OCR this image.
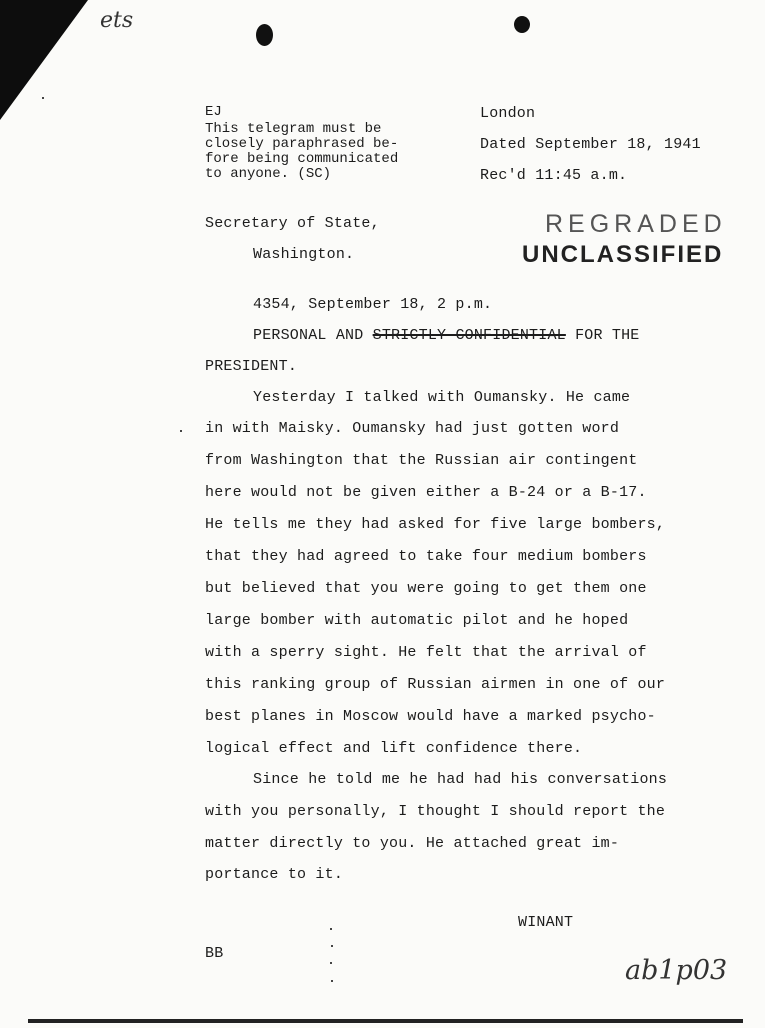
ets
EJ
This telegram must be
closely paraphrased be-
fore being communicated
to anyone. (SC)
London
Dated September 18, 1941
Rec'd 11:45 a.m.
REGRADED
UNCLASSIFIED
Secretary of State,
Washington.
4354, September 18, 2 p.m.
PERSONAL AND STRICTLY CONFIDENTIAL FOR THE
PRESIDENT.
Yesterday I talked with Oumansky. He came
in with Maisky. Oumansky had just gotten word
from Washington that the Russian air contingent
here would not be given either a B-24 or a B-17.
He tells me they had asked for five large bombers,
that they had agreed to take four medium bombers
but believed that you were going to get them one
large bomber with automatic pilot and he hoped
with a sperry sight. He felt that the arrival of
this ranking group of Russian airmen in one of our
best planes in Moscow would have a marked psycho-
logical effect and lift confidence there.
Since he told me he had had his conversations
with you personally, I thought I should report the
matter directly to you. He attached great im-
portance to it.
WINANT
BB
ab1p03
